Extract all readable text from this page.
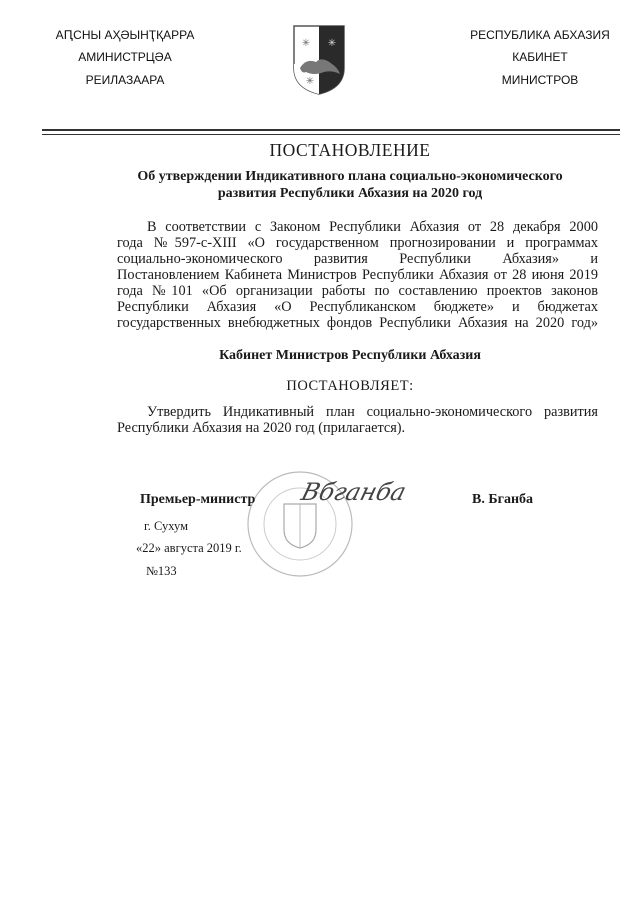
АԤСНЫ АҲӘЫНҬҚАРРА
АМИНИСТРЦӘА
РЕИЛАЗААРА
✳ ✳
✳
РЕСПУБЛИКА АБХАЗИЯ
КАБИНЕТ
МИНИСТРОВ
ПОСТАНОВЛЕНИЕ
Об утверждении Индикативного плана социально-экономического
развития Республики Абхазия на 2020 год
В соответствии с Законом Республики Абхазия от 28 декабря 2000
года №597-с-XIII «О государственном прогнозировании и программах
социально-экономического развития Республики Абхазия» и
Постановлением Кабинета Министров Республики Абхазия от 28 июня 2019
года №101 «Об организации работы по составлению проектов законов
Республики Абхазия «О Республиканском бюджете» и бюджетах
государственных внебюджетных фондов Республики Абхазия на 2020 год»
Кабинет Министров Республики Абхазия
ПОСТАНОВЛЯЕТ:
Утвердить Индикативный план социально-экономического развития
Республики Абхазия на 2020 год (прилагается).
Премьер-министр Вбганба	В. Бганба
г. Сухум
«22» августа 2019 г.
№133
